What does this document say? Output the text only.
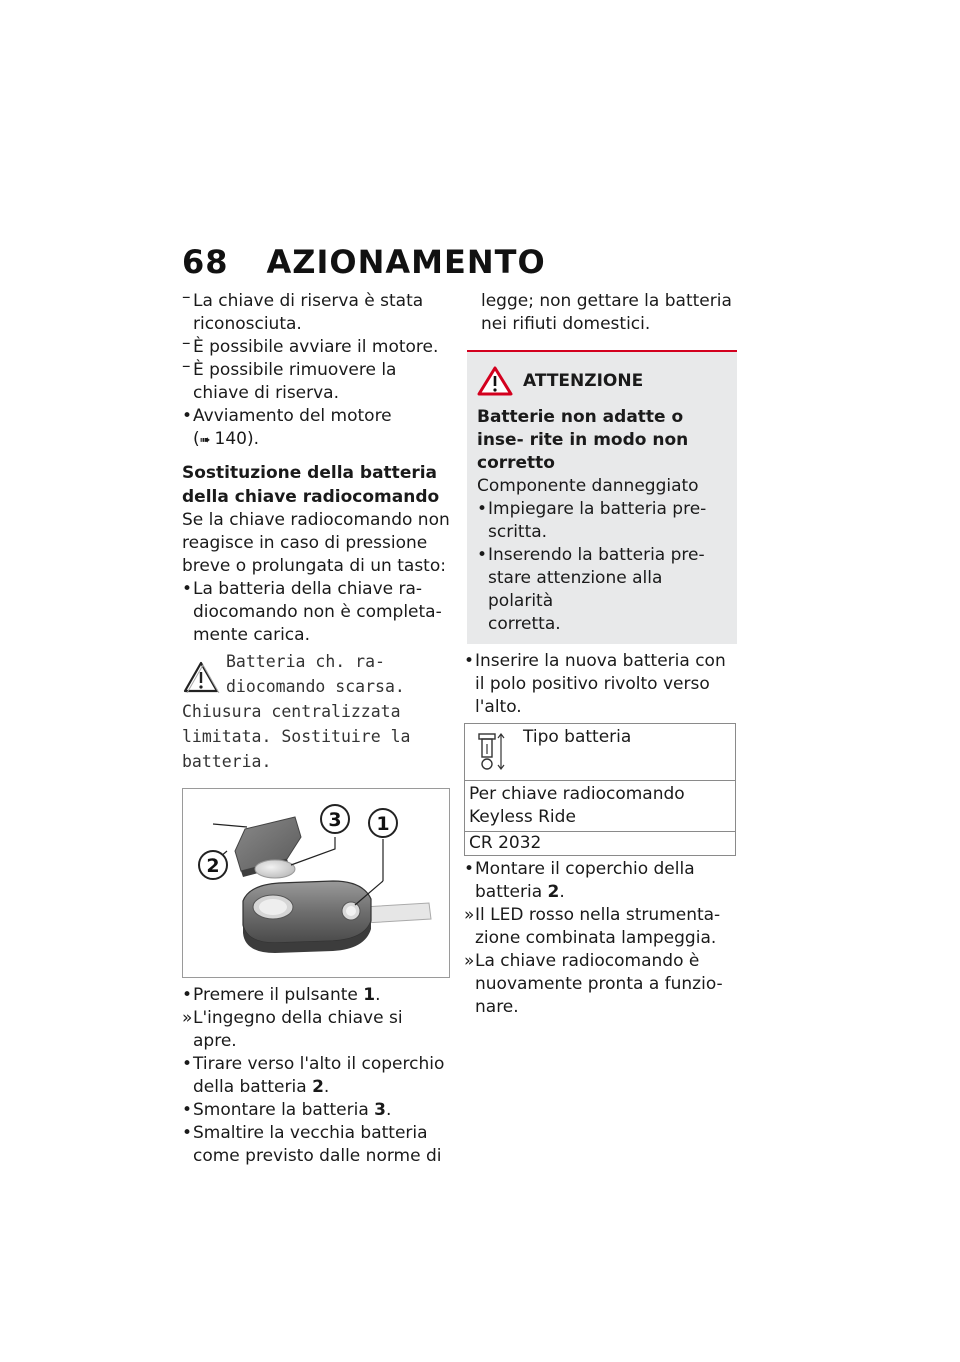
68 AZIONAMENTO
– La chiave di riserva è stata
riconosciuta.
– È possibile avviare il motore.
– È possibile rimuovere la
chiave di riserva.
• Avviamento del motore
(➠ 140).
Sostituzione della batteria della chiave radiocomando
Se la chiave radiocomando non reagisce in caso di pressione breve o prolungata di un tasto:
• La batteria della chiave ra-
diocomando non è completa-
mente carica.
Batteria ch. ra-
diocomando scarsa.
Chiusura centralizzata limitata. Sostituire la batteria.
2
3 1
• Premere il pulsante 1.
» L'ingegno della chiave si apre.
• Tirare verso l'alto il coperchio
della batteria 2.
• Smontare la batteria 3.
• Smaltire la vecchia batteria
come previsto dalle norme di
legge; non gettare la batteria nei rifiuti domestici.
ATTENZIONE
Batterie non adatte o inse- rite in modo non corretto
Componente danneggiato
• Impiegare la batteria pre-
scritta.
• Inserendo la batteria pre-
stare attenzione alla polarità
corretta.
• Inserire la nuova batteria con
il polo positivo rivolto verso
l'alto.
Tipo batteria

Per chiave radiocomando Keyless Ride
CR 2032
• Montare il coperchio della
batteria 2.
» Il LED rosso nella strumenta-
zione combinata lampeggia.
» La chiave radiocomando è
nuovamente pronta a funzio-
nare.
